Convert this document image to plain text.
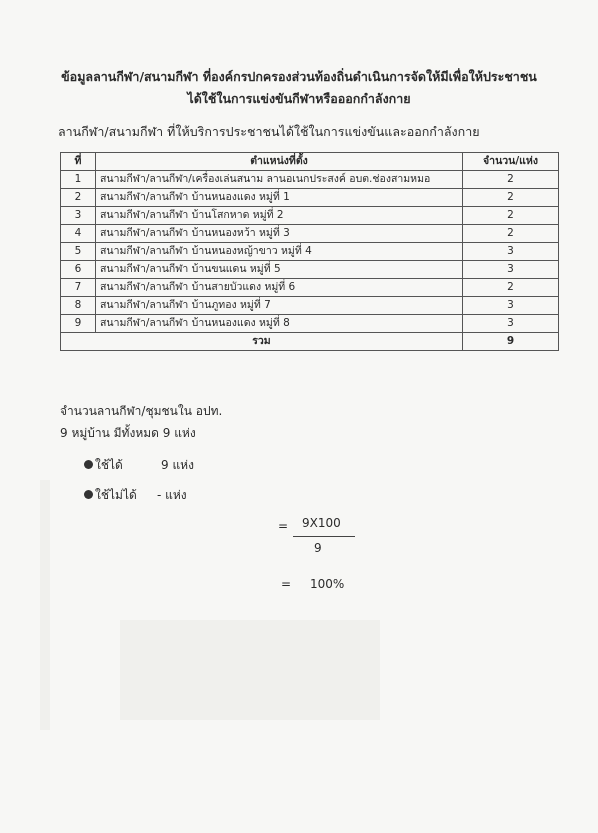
ข้อมูลลานกีฬา/สนามกีฬา ที่องค์กรปกครองส่วนท้องถิ่นดำเนินการจัดให้มีเพื่อให้ประชาชน
ได้ใช้ในการแข่งขันกีฬาหรือออกกำลังกาย
ลานกีฬา/สนามกีฬา ที่ให้บริการประชาชนได้ใช้ในการแข่งขันและออกกำลังกาย
ที่	ตำแหน่งที่ตั้ง	จำนวน/แห่ง
1	สนามกีฬา/ลานกีฬา/เครื่องเล่นสนาม ลานอเนกประสงค์ อบต.ช่องสามหมอ	2
2	สนามกีฬา/ลานกีฬา บ้านหนองแดง หมู่ที่ 1	2
3	สนามกีฬา/ลานกีฬา บ้านโสกหาด หมู่ที่ 2	2
4	สนามกีฬา/ลานกีฬา บ้านหนองหว้า หมู่ที่ 3	2
5	สนามกีฬา/ลานกีฬา บ้านหนองหญ้าขาว หมู่ที่ 4	3
6	สนามกีฬา/ลานกีฬา บ้านขนแดน หมู่ที่ 5	3
7	สนามกีฬา/ลานกีฬา บ้านสายบัวแดง หมู่ที่ 6	2
8	สนามกีฬา/ลานกีฬา บ้านภูทอง หมู่ที่ 7	3
9	สนามกีฬา/ลานกีฬา บ้านหนองแดง หมู่ที่ 8	3
รวม		9
จำนวนลานกีฬา/ชุมชนใน อปท.
9 หมู่บ้าน มีทั้งหมด 9 แห่ง
ใช้ได้	9 แห่ง
ใช้ไม่ได้ - แห่ง
= 9X100
9
= 100%
